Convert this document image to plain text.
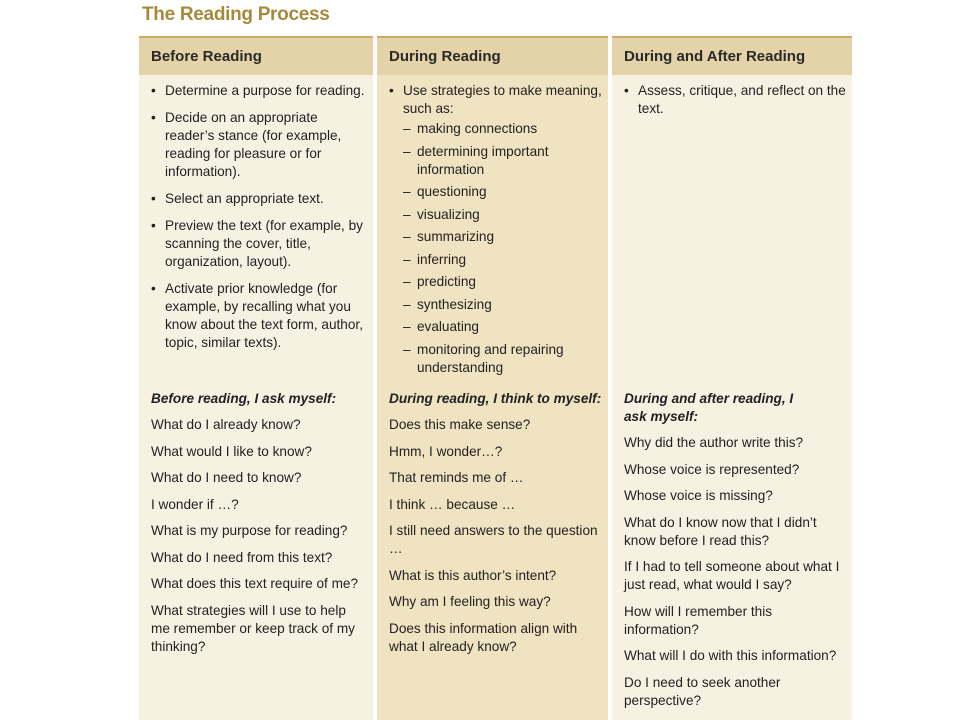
The Reading Process
Before Reading
• Determine a purpose for reading.
• Decide on an appropriate reader’s stance (for example, reading for pleasure or for information).
• Select an appropriate text.
• Preview the text (for example, by scanning the cover, title, organization, layout).
• Activate prior knowledge (for example, by recalling what you know about the text form, author, topic, similar texts).
Before reading, I ask myself:
What do I already know?
What would I like to know?
What do I need to know?
I wonder if …?
What is my purpose for reading?
What do I need from this text?
What does this text require of me?
What strategies will I use to help me remember or keep track of my thinking?
During Reading
• Use strategies to make meaning, such as:
– making connections
– determining important information
– questioning
– visualizing
– summarizing
– inferring
– predicting
– synthesizing
– evaluating
– monitoring and repairing understanding
During reading, I think to myself:
Does this make sense?
Hmm, I wonder…?
That reminds me of …
I think … because …
I still need answers to the question …
What is this author’s intent?
Why am I feeling this way?
Does this information align with what I already know?
During and After Reading
• Assess, critique, and reflect on the text.
During and after reading, I ask myself:
Why did the author write this?
Whose voice is represented?
Whose voice is missing?
What do I know now that I didn’t know before I read this?
If I had to tell someone about what I just read, what would I say?
How will I remember this information?
What will I do with this information?
Do I need to seek another perspective?
